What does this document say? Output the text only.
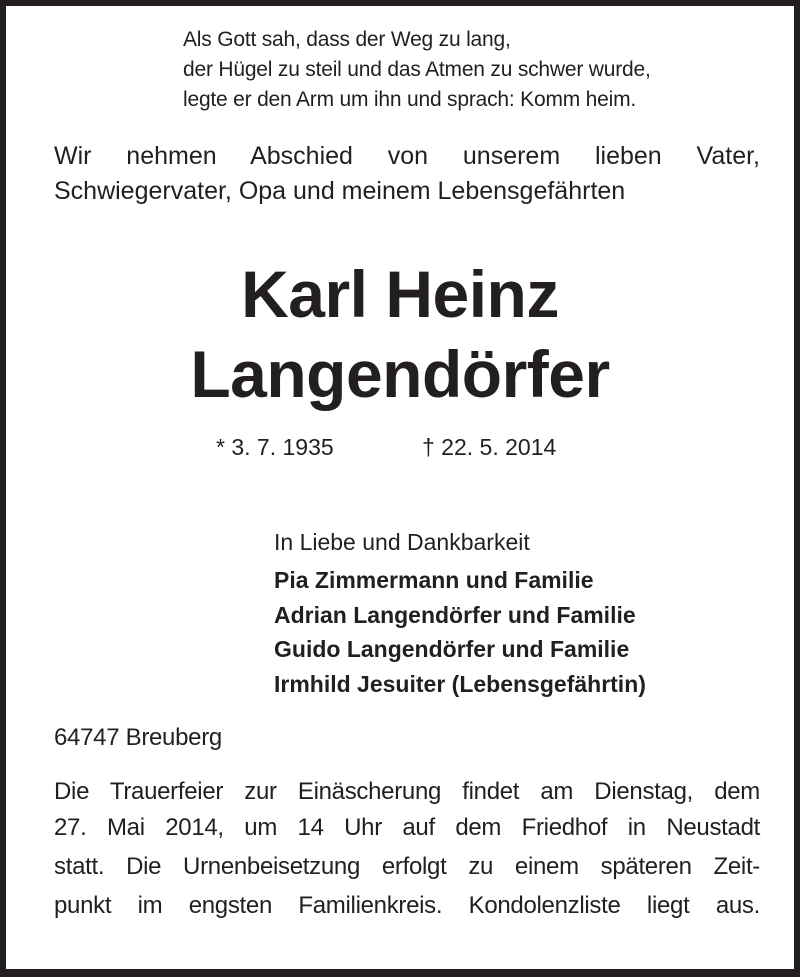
Als Gott sah, dass der Weg zu lang,
der Hügel zu steil und das Atmen zu schwer wurde,
legte er den Arm um ihn und sprach: Komm heim.
Wir nehmen Abschied von unserem lieben Vater,
Schwiegervater, Opa und meinem Lebensgefährten
Karl Heinz
Langendörfer
* 3. 7. 1935	† 22. 5. 2014
In Liebe und Dankbarkeit
Pia Zimmermann und Familie
Adrian Langendörfer und Familie
Guido Langendörfer und Familie
Irmhild Jesuiter (Lebensgefährtin)
64747 Breuberg
Die Trauerfeier zur Einäscherung findet am Dienstag, dem
27. Mai 2014, um 14 Uhr auf dem Friedhof in Neustadt
statt. Die Urnenbeisetzung erfolgt zu einem späteren Zeit-
punkt im engsten Familienkreis. Kondolenzliste liegt aus.
